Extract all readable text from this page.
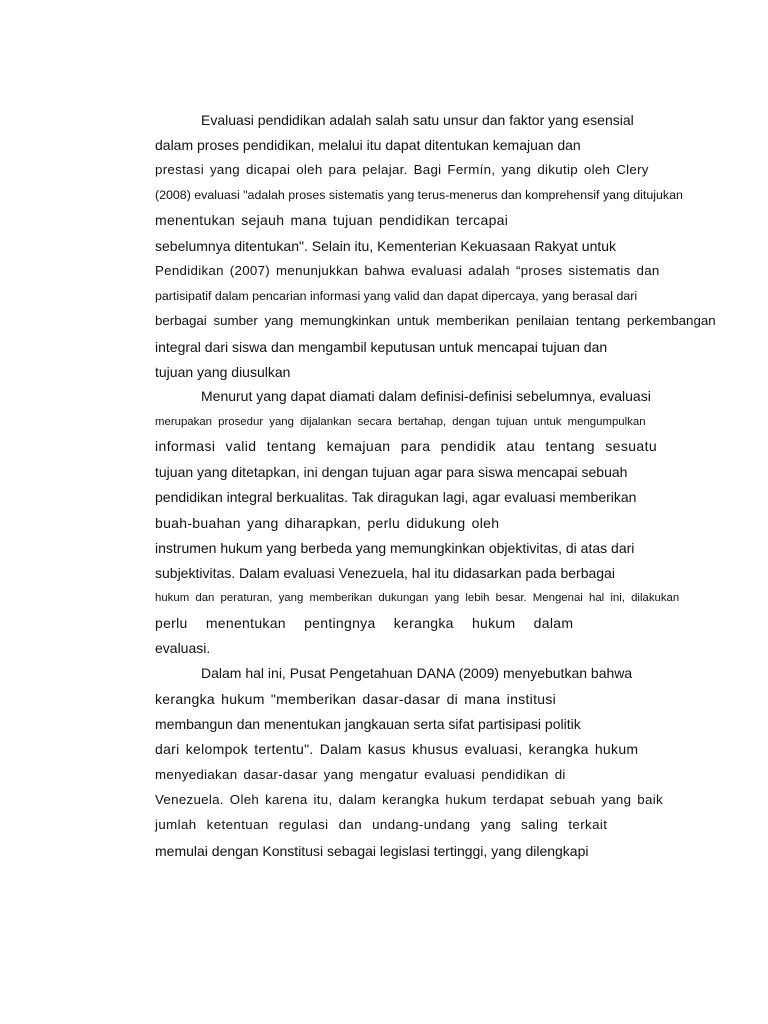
Evaluasi pendidikan adalah salah satu unsur dan faktor yang esensial
dalam proses pendidikan, melalui itu dapat ditentukan kemajuan dan
prestasi yang dicapai oleh para pelajar. Bagi Fermín, yang dikutip oleh Clery
(2008) evaluasi "adalah proses sistematis yang terus-menerus dan komprehensif yang ditujukan
menentukan sejauh mana tujuan pendidikan tercapai
sebelumnya ditentukan". Selain itu, Kementerian Kekuasaan Rakyat untuk
Pendidikan (2007) menunjukkan bahwa evaluasi adalah “proses sistematis dan
partisipatif dalam pencarian informasi yang valid dan dapat dipercaya, yang berasal dari
berbagai sumber yang memungkinkan untuk memberikan penilaian tentang perkembangan
integral dari siswa dan mengambil keputusan untuk mencapai tujuan dan
tujuan yang diusulkan
Menurut yang dapat diamati dalam definisi-definisi sebelumnya, evaluasi
merupakan prosedur yang dijalankan secara bertahap, dengan tujuan untuk mengumpulkan
informasi valid tentang kemajuan para pendidik atau tentang sesuatu
tujuan yang ditetapkan, ini dengan tujuan agar para siswa mencapai sebuah
pendidikan integral berkualitas. Tak diragukan lagi, agar evaluasi memberikan
buah-buahan yang diharapkan, perlu didukung oleh
instrumen hukum yang berbeda yang memungkinkan objektivitas, di atas dari
subjektivitas. Dalam evaluasi Venezuela, hal itu didasarkan pada berbagai
hukum dan peraturan, yang memberikan dukungan yang lebih besar. Mengenai hal ini, dilakukan
perlu menentukan pentingnya kerangka hukum dalam
evaluasi.
Dalam hal ini, Pusat Pengetahuan DANA (2009) menyebutkan bahwa
kerangka hukum "memberikan dasar-dasar di mana institusi
membangun dan menentukan jangkauan serta sifat partisipasi politik
dari kelompok tertentu". Dalam kasus khusus evaluasi, kerangka hukum
menyediakan dasar-dasar yang mengatur evaluasi pendidikan di
Venezuela. Oleh karena itu, dalam kerangka hukum terdapat sebuah yang baik
jumlah ketentuan regulasi dan undang-undang yang saling terkait
memulai dengan Konstitusi sebagai legislasi tertinggi, yang dilengkapi
